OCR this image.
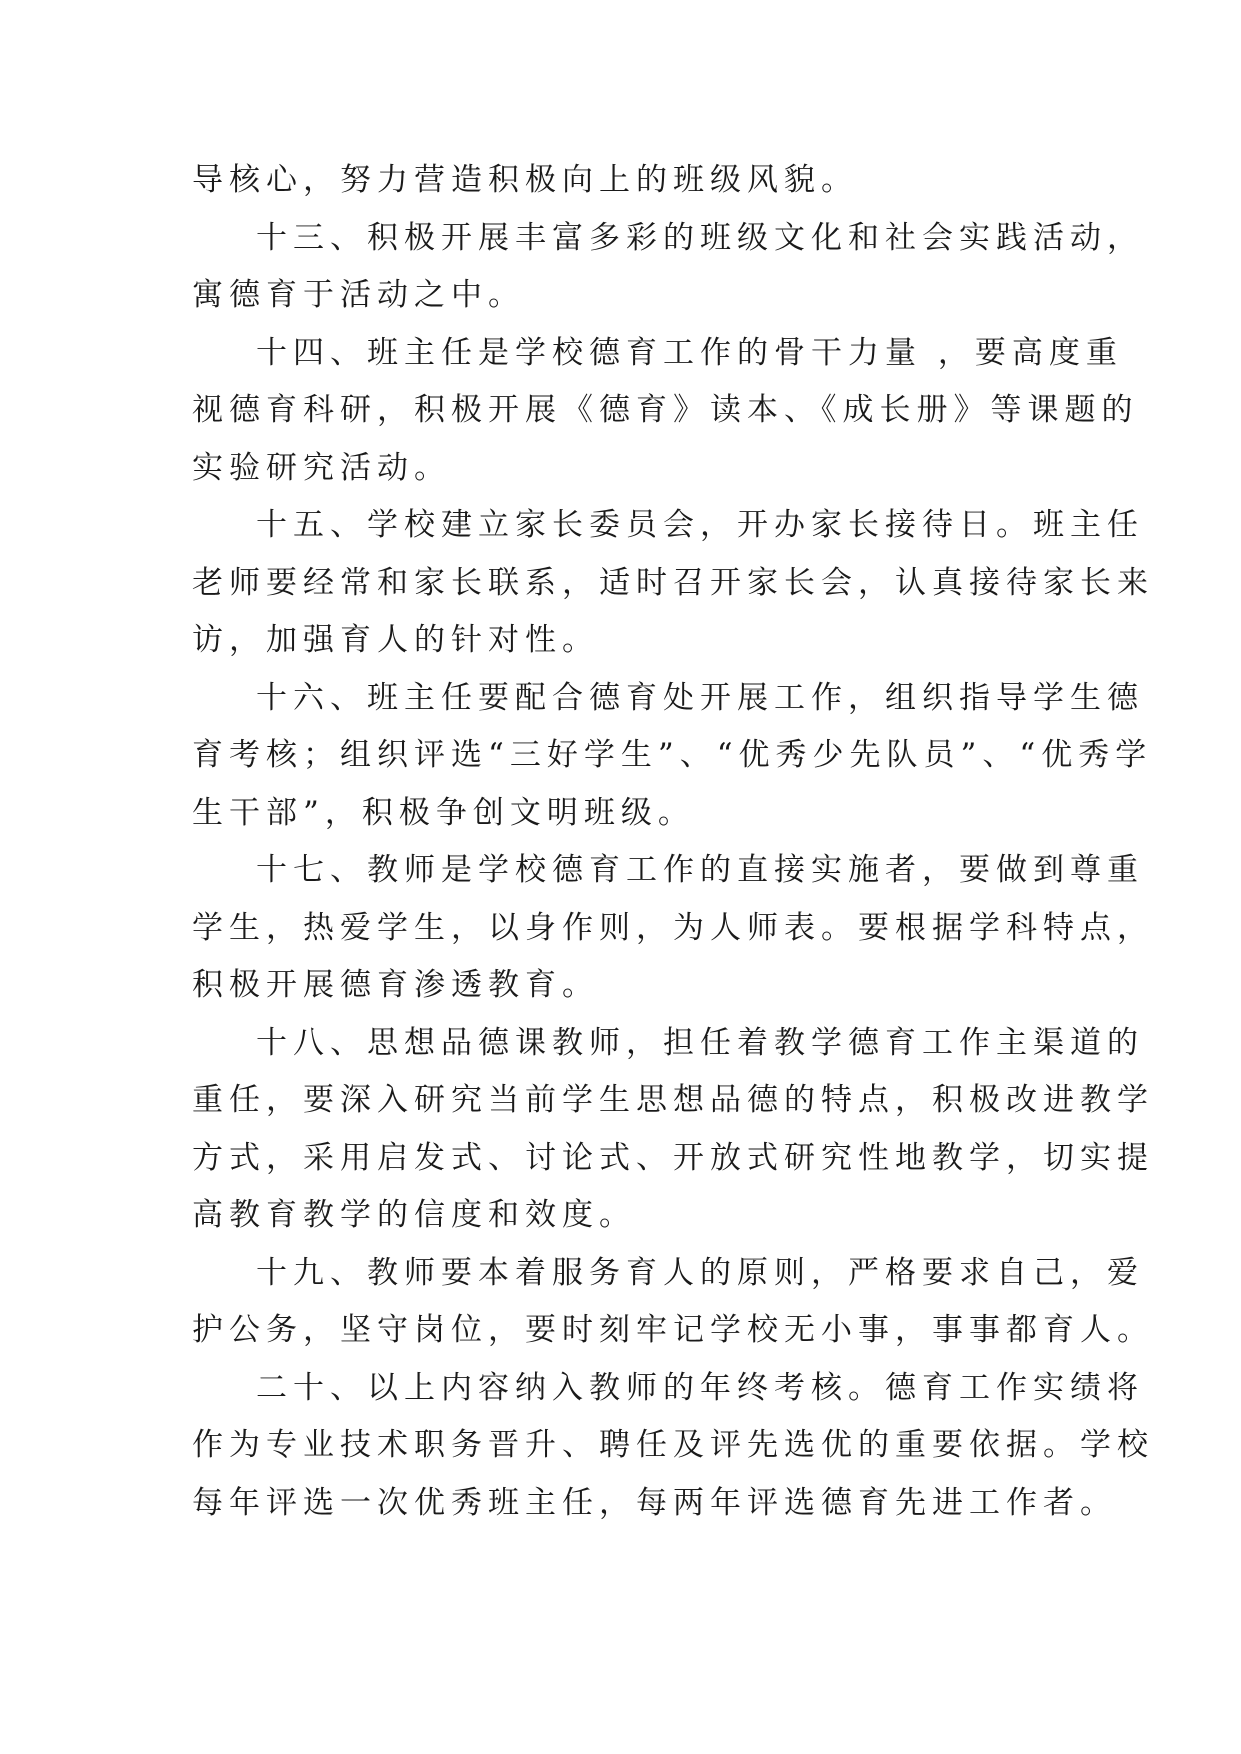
导核心，努力营造积极向上的班级风貌。
十三、积极开展丰富多彩的班级文化和社会实践活动，
寓德育于活动之中。
十四、班主任是学校德育工作的骨干力量 ，要高度重
视德育科研，积极开展《德育》读本、《成长册》等课题的
实验研究活动。
十五、学校建立家长委员会，开办家长接待日。班主任
老师要经常和家长联系，适时召开家长会，认真接待家长来
访，加强育人的针对性。
十六、班主任要配合德育处开展工作，组织指导学生德
育考核；组织评选“三好学生”、“优秀少先队员”、“优秀学
生干部”，积极争创文明班级。
十七、教师是学校德育工作的直接实施者，要做到尊重
学生，热爱学生，以身作则，为人师表。要根据学科特点，
积极开展德育渗透教育。
十八、思想品德课教师，担任着教学德育工作主渠道的
重任，要深入研究当前学生思想品德的特点，积极改进教学
方式，采用启发式、讨论式、开放式研究性地教学，切实提
高教育教学的信度和效度。
十九、教师要本着服务育人的原则，严格要求自己，爱
护公务，坚守岗位，要时刻牢记学校无小事，事事都育人。
二十、以上内容纳入教师的年终考核。德育工作实绩将
作为专业技术职务晋升、聘任及评先选优的重要依据。学校
每年评选一次优秀班主任，每两年评选德育先进工作者。
